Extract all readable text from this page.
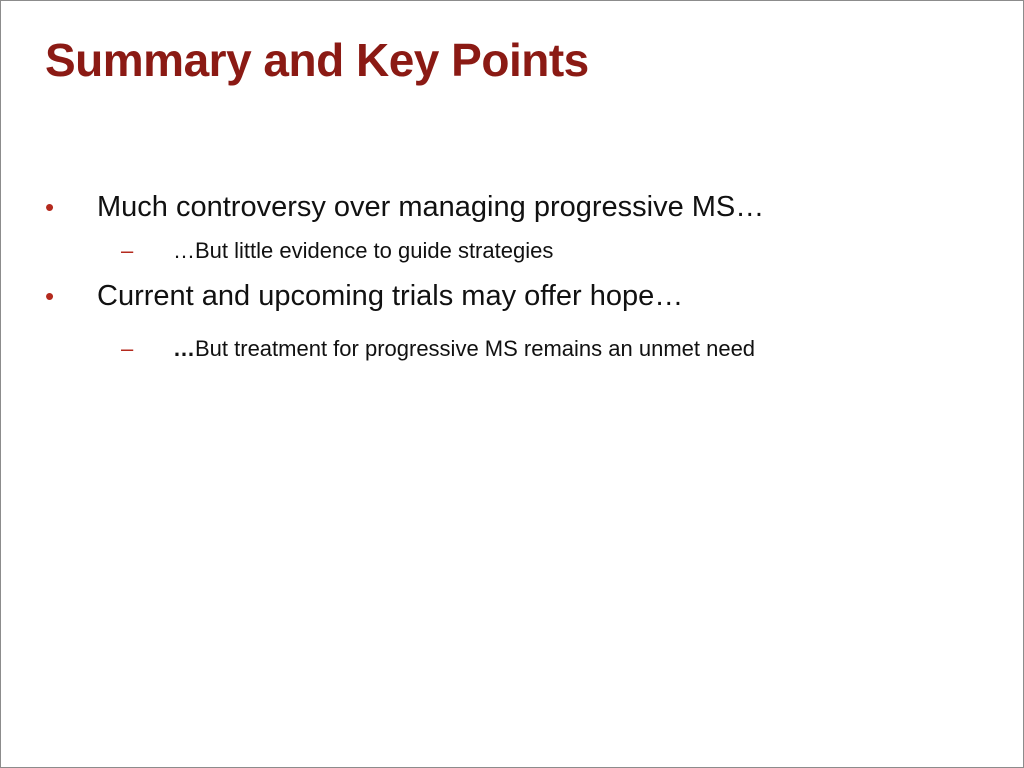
Summary and Key Points
• Much controversy over managing progressive MS…
– …But little evidence to guide strategies
• Current and upcoming trials may offer hope…
– …But treatment for progressive MS remains an unmet need
